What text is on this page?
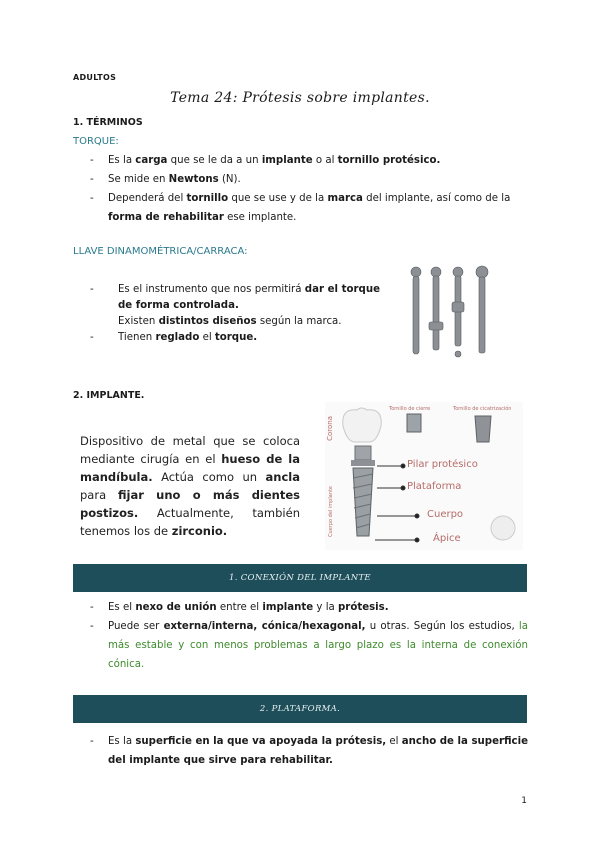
ADULTOS
Tema 24: Prótesis sobre implantes.
1. TÉRMINOS
TORQUE:
- Es la carga que se le da a un implante o al tornillo protésico.
- Se mide en Newtons (N).
- Dependerá del tornillo que se use y de la marca del implante, así como de la forma de rehabilitar ese implante.
LLAVE DINAMOMÉTRICA/CARRACA:
- Es el instrumento que nos permitirá dar el torque de forma controlada.
Existen distintos diseños según la marca.
- Tienen reglado el torque.
2. IMPLANTE.
Dispositivo de metal que se coloca mediante cirugía en el hueso de la mandíbula. Actúa como un ancla para fijar uno o más dientes postizos. Actualmente, también tenemos los de zirconio.
Tornillo de cierre	Tornillo de cicatrización
Corona
Cuerpo del implante
Pilar protésico
Plataforma
Cuerpo
Ápice
1. CONEXIÓN DEL IMPLANTE
- Es el nexo de unión entre el implante y la prótesis.
- Puede ser externa/interna, cónica/hexagonal, u otras. Según los estudios, la más estable y con menos problemas a largo plazo es la interna de conexión cónica.
2. PLATAFORMA.
- Es la superficie en la que va apoyada la prótesis, el ancho de la superficie del implante que sirve para rehabilitar.
1
